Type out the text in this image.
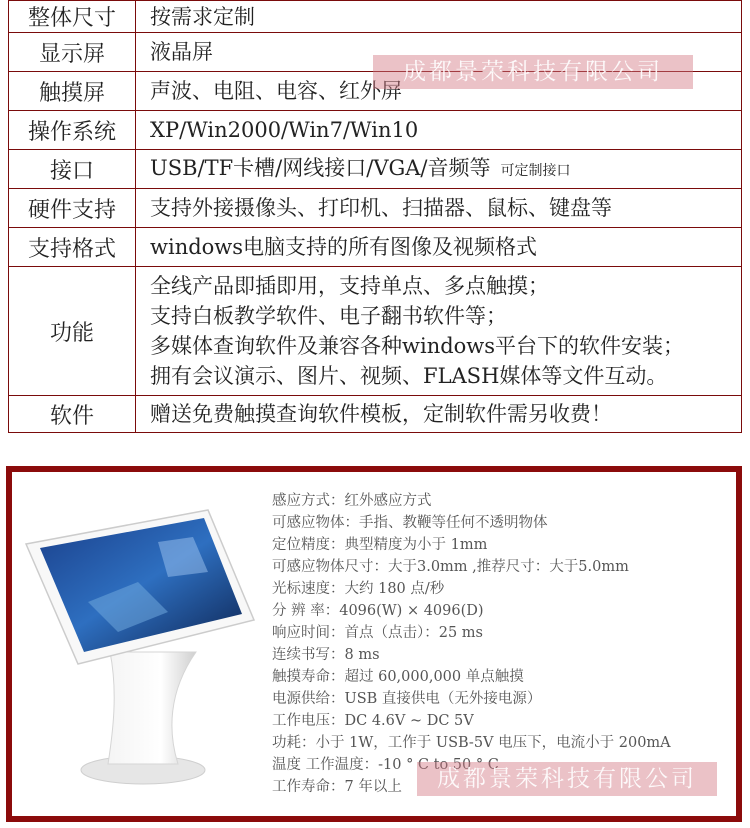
整体尺寸	按需求定制
显示屏	液晶屏
触摸屏	声波、电阻、电容、红外屏
操作系统	XP/Win2000/Win7/Win10
接口	USB/TF卡槽/网线接口/VGA/音频等 可定制接口
硬件支持	支持外接摄像头、打印机、扫描器、鼠标、键盘等
支持格式	windows电脑支持的所有图像及视频格式
功能	全线产品即插即用，支持单点、多点触摸；
支持白板教学软件、电子翻书软件等；
多媒体查询软件及兼容各种windows平台下的软件安装；
拥有会议演示、图片、视频、FLASH媒体等文件互动。

软件	赠送免费触摸查询软件模板，定制软件需另收费！
成都景荣科技有限公司
感应方式：红外感应方式
可感应物体：手指、教鞭等任何不透明物体
定位精度：典型精度为小于 1mm
可感应物体尺寸：大于3.0mm ,推荐尺寸：大于5.0mm
光标速度：大约 180 点/秒
分 辨 率：4096(W) × 4096(D)
响应时间：首点（点击）：25 ms
连续书写：8 ms
触摸寿命：超过 60,000,000 单点触摸
电源供给：USB 直接供电（无外接电源）
工作电压：DC 4.6V ~ DC 5V
功耗：小于 1W，工作于 USB-5V 电压下，电流小于 200mA
温度 工作温度：-10 ° C to 50 ° C
工作寿命：7 年以上	成都景荣科技有限公司
